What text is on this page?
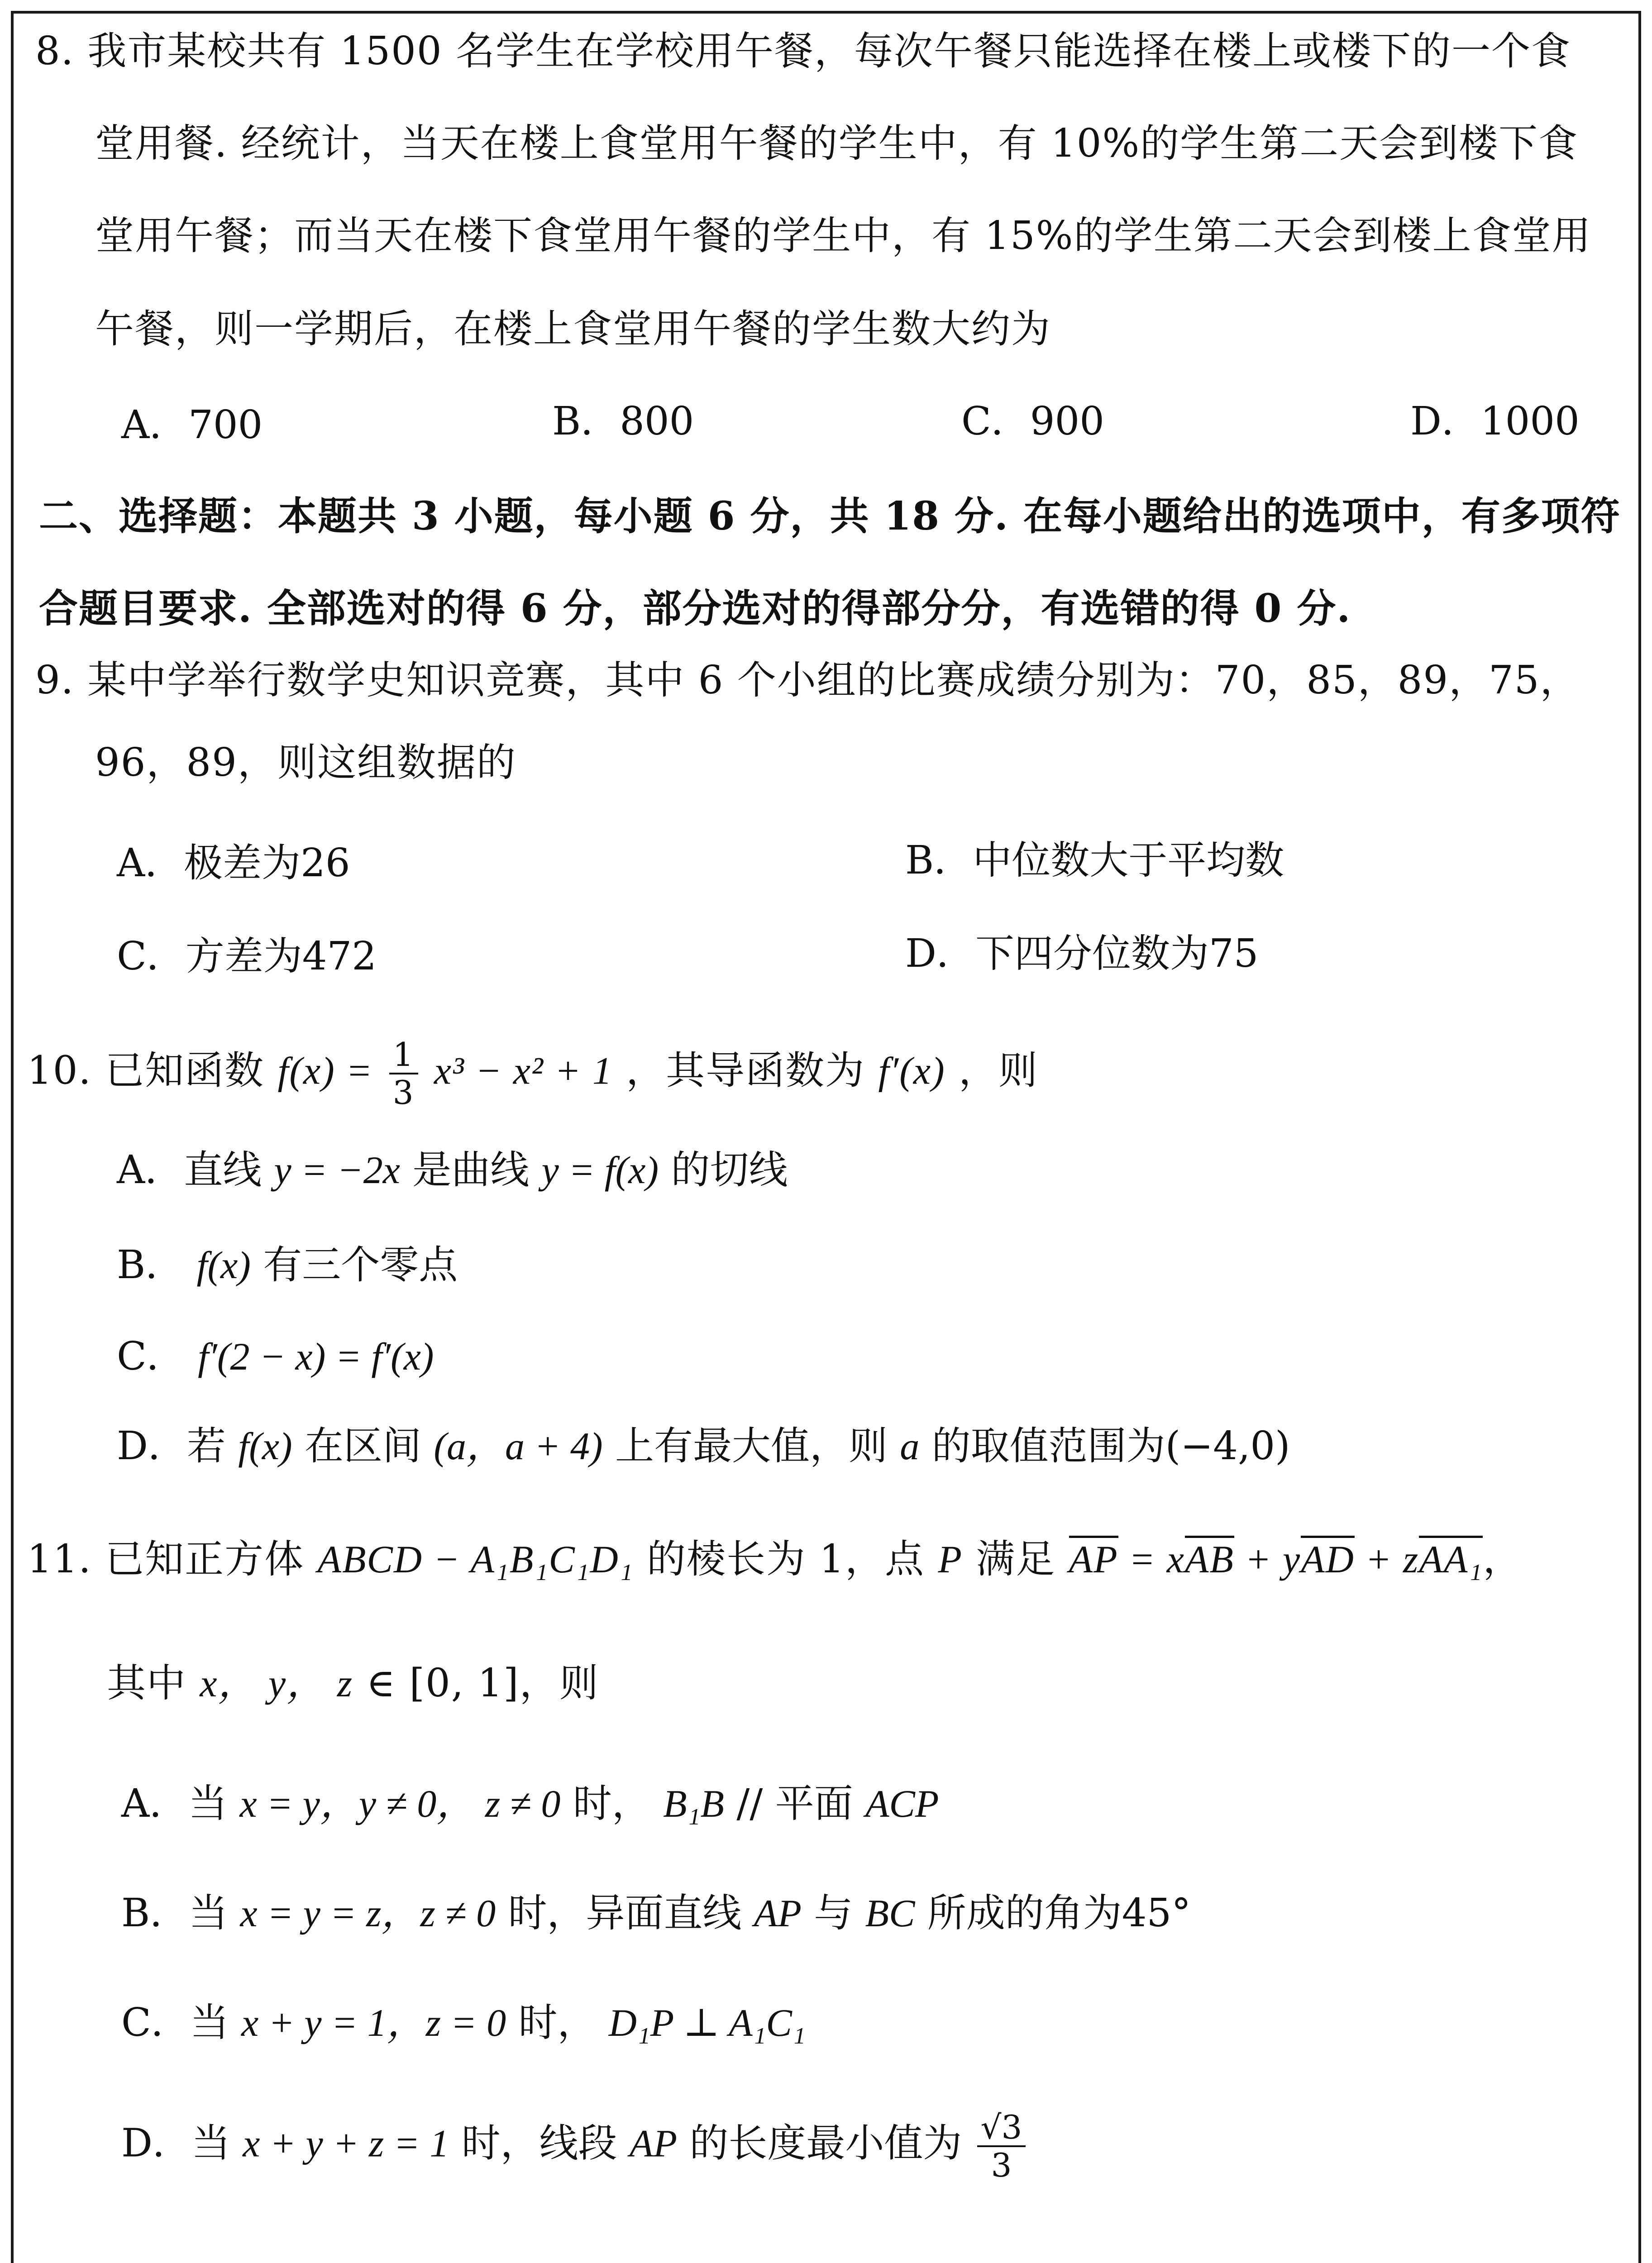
8. 我市某校共有 1500 名学生在学校用午餐，每次午餐只能选择在楼上或楼下的一个食
堂用餐. 经统计，当天在楼上食堂用午餐的学生中，有 10%的学生第二天会到楼下食
堂用午餐；而当天在楼下食堂用午餐的学生中，有 15%的学生第二天会到楼上食堂用
午餐，则一学期后，在楼上食堂用午餐的学生数大约为
A．700	B．800	C．900	D．1000
二、选择题：本题共 3 小题，每小题 6 分，共 18 分. 在每小题给出的选项中，有多项符
合题目要求. 全部选对的得 6 分，部分选对的得部分分，有选错的得 0 分.
9. 某中学举行数学史知识竞赛，其中 6 个小组的比赛成绩分别为：70，85，89，75，
96，89，则这组数据的
A．极差为26	B．中位数大于平均数
C．方差为472	D．下四分位数为75
10. 已知函数 $f(x) = \frac{1}{3} x^3 - x^2 + 1$ ，其导函数为 f′(x) ，则
A．直线 y = −2x 是曲线 y = f(x) 的切线
B． f(x) 有三个零点
C． f′(2 − x) = f′(x)
D．若 f(x) 在区间 (a，a + 4) 上有最大值，则 a 的取值范围为(−4,0)
11. 已知正方体 ABCD − A₁B₁C₁D₁ 的棱长为 1，点 P 满足 AP = xAB + yAD + zAA₁，
其中 x， y， z ∈ [0, 1]，则
A．当 x = y，y ≠ 0， z ≠ 0 时， B₁B // 平面 ACP
B．当 x = y = z，z ≠ 0 时，异面直线 AP 与 BC 所成的角为45°
C．当 x + y = 1，z = 0 时， D₁P ⊥ A₁C₁
D．当 x + y + z = 1 时，线段 AP 的长度最小值为 $\frac{√3}{3}$
